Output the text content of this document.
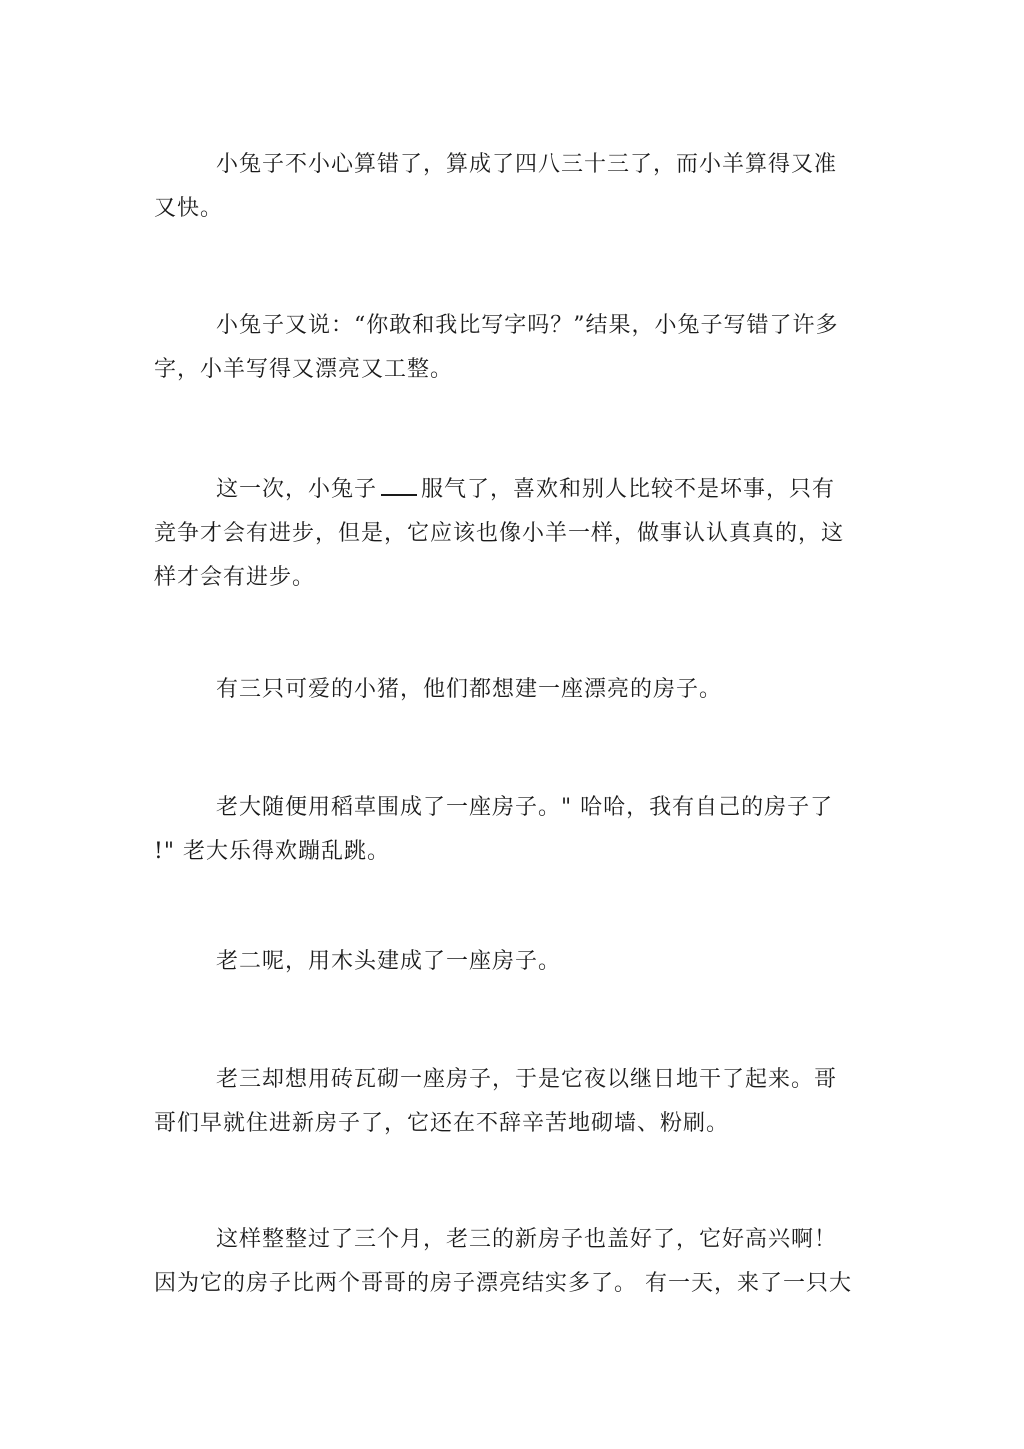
小兔子不小心算错了，算成了四八三十三了，而小羊算得又准又快。

小兔子又说：“你敢和我比写字吗？”结果，小兔子写错了许多字，小羊写得又漂亮又工整。

这一次，小兔子 服气了，喜欢和别人比较不是坏事，只有竞争才会有进步，但是，它应该也像小羊一样，做事认认真真的，这样才会有进步。

有三只可爱的小猪，他们都想建一座漂亮的房子。

老大随便用稻草围成了一座房子。" 哈哈，我有自己的房子了 !" 老大乐得欢蹦乱跳。

老二呢，用木头建成了一座房子。

老三却想用砖瓦砌一座房子，于是它夜以继日地干了起来。哥哥们早就住进新房子了，它还在不辞辛苦地砌墙、粉刷。

这样整整过了三个月，老三的新房子也盖好了，它好高兴啊！因为它的房子比两个哥哥的房子漂亮结实多了。 有一天，来了一只大
